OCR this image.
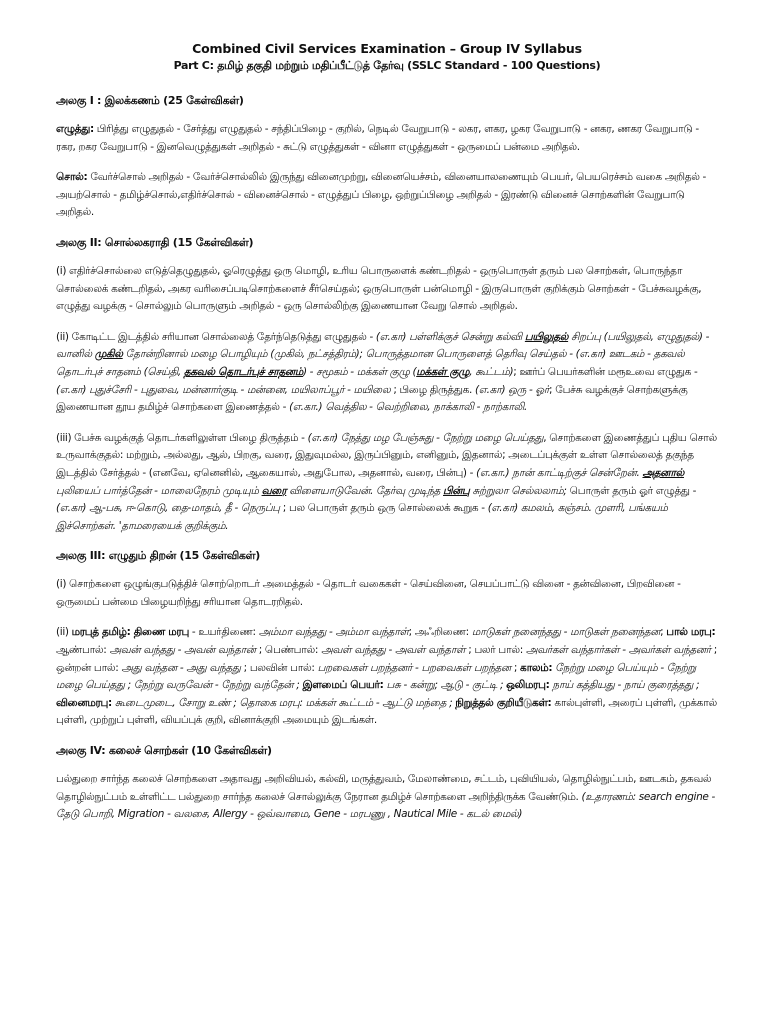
Combined Civil Services Examination – Group IV Syllabus

Part C: தமிழ் தகுதி மற்றும் மதிப்பீட்டுத் தேர்வு (SSLC Standard - 100 Questions)

அலகு I : இலக்கணம் (25 கேள்விகள்)

எழுத்து: பிரித்து எழுதுதல் - சேர்த்து எழுதுதல் - சந்திப்பிழை - குறில், நெடில் வேறுபாடு - லகர, ளகர, ழகர வேறுபாடு - னகர, ணகர வேறுபாடு - ரகர, றகர வேறுபாடு - இனவெழுத்துகள் அறிதல் - சுட்டு எழுத்துகள் - வினா எழுத்துகள் - ஒருமைப் பன்மை அறிதல்.

சொல்: வேர்ச்சொல் அறிதல் - வேர்ச்சொல்லில் இருந்து வினைமுற்று, வினையெச்சம், வினையாலணையும் பெயர், பெயரெச்சம் வகை அறிதல் - அயற்சொல் - தமிழ்ச்சொல்,எதிர்ச்சொல் - வினைச்சொல் - எழுத்துப் பிழை, ஒற்றுப்பிழை அறிதல் - இரண்டு வினைச் சொற்களின் வேறுபாடு அறிதல்.

அலகு II: சொல்லகராதி (15 கேள்விகள்)

(i) எதிர்ச்சொல்லை எடுத்தெழுதுதல், ஓரெழுத்து ஒரு மொழி, உரிய பொருளைக் கண்டறிதல் - ஒருபொருள் தரும் பல சொற்கள், பொருந்தா சொல்லைக் கண்டறிதல், அகர வரிசைப்படிசொற்களைச் சீர்செய்தல்; ஒருபொருள் பன்மொழி - இருபொருள் குறிக்கும் சொற்கள் - பேச்சுவழக்கு, எழுத்து வழக்கு - சொல்லும் பொருளும் அறிதல் - ஒரு சொல்லிற்கு இணையான வேறு சொல் அறிதல்.

(ii) கோடிட்ட இடத்தில் சரியான சொல்லைத் தேர்ந்தெடுத்து எழுதுதல் - (எ.கா) பள்ளிக்குச் சென்று கல்வி பயிலுதல் சிறப்பு (பயிலுதல், எழுதுதல்) - வானில் முகில் தோன்றினால் மழை பொழியும் (முகில், நட்சத்திரம்); பொருத்தமான பொருளைத் தெரிவு செய்தல் - (எ.கா) ஊடகம் - தகவல் தொடர்புச் சாதனம் (செய்தி, தகவல் தொடர்புச் சாதனம்) - சமூகம் - மக்கள் குழு (மக்கள் குழு, கூட்டம்); ஊர்ப் பெயர்களின் மரூஉவை எழுதுக - (எ.கா) புதுச்சேரி - புதுவை, மன்னார்குடி - மன்னை, மயிலாப்பூர் - மயிலை ; பிழை திருத்துக. (எ.கா) ஒரு - ஓர்; பேச்சு வழக்குச் சொற்களுக்கு இணையான தூய தமிழ்ச் சொற்களை இணைத்தல் - (எ.கா.) வெத்தில - வெற்றிலை, நாக்காலி - நாற்காலி.

(iii) பேச்சு வழக்குத் தொடர்களிலுள்ள பிழை திருத்தம் - (எ.கா) நேத்து மழ பேஞ்சுது - நேற்று மழை பெய்தது, சொற்களை இணைத்துப் புதிய சொல் உருவாக்குதல்: மற்றும், அல்லது, ஆல், பிறகு, வரை, இதுவுமல்ல, இருப்பினும், எனினும், இதனால்; அடைப்புக்குள் உள்ள சொல்லைத் தகுந்த இடத்தில் சேர்த்தல் - (எனவே, ஏனெனில், ஆகையால், அதுபோல, அதனால், வரை, பின்பு) - (எ.கா.) நான் காட்டிற்குச் சென்றேன். அதனால் புலியைப் பார்த்தேன் - மாலைநேரம் முடியும் வரை விளையாடுவேன். தேர்வு முடிந்த பின்பு சுற்றுலா செல்லலாம்; பொருள் தரும் ஓர் எழுத்து - (எ.கா) ஆ-பசு, ஈ-கொடு, தை-மாதம், தீ - நெருப்பு ; பல பொருள் தரும் ஒரு சொல்லைக் கூறுக - (எ.கா) கமலம், கஞ்சம். முளரி, பங்கயம் இச்சொற்கள். 'தாமரையைக் குறிக்கும்.

அலகு III: எழுதும் திறன் (15 கேள்விகள்)

(i) சொற்களை ஒழுங்குபடுத்திச் சொற்றொடர் அமைத்தல் - தொடர் வகைகள் - செய்வினை, செயப்பாட்டு வினை - தன்வினை, பிறவினை - ஒருமைப் பன்மை பிழையறிந்து சரியான தொடரறிதல்.

(ii) மரபுத் தமிழ்: திணை மரபு - உயர்திணை: அம்மா வந்தது - அம்மா வந்தாள்; அஃறிணை: மாடுகள் நனைந்தது - மாடுகள் நனைந்தன; பால் மரபு: ஆண்பால்: அவன் வந்தது - அவன் வந்தான் ; பெண்பால்: அவள் வந்தது - அவள் வந்தாள் ; பலர் பால்: அவர்கள் வந்தார்கள் - அவர்கள் வந்தனர் ; ஒன்றன் பால்: அது வந்தன - அது வந்தது ; பலவின் பால்: பறவைகள் பறந்தனர் - பறவைகள் பறந்தன ; காலம்: நேற்று மழை பெய்யும் - நேற்று மழை பெய்தது ; நேற்று வருவேன் - நேற்று வந்தேன் ; இளமைப் பெயர்: பசு - கன்று; ஆடு - குட்டி ; ஒலிமரபு: நாய் கத்தியது - நாய் குரைத்தது ; வினைமரபு: கூடைமுடை, சோறு உண் ; தொகை மரபு: மக்கள் கூட்டம் - ஆட்டு மந்தை ; நிறுத்தல் குறியீடுகள்: கால்புள்ளி, அரைப் புள்ளி, முக்கால் புள்ளி, முற்றுப் புள்ளி, வியப்புக் குறி, வினாக்குறி அமையும் இடங்கள்.

அலகு IV: கலைச் சொற்கள் (10 கேள்விகள்)

பல்துறை சார்ந்த கலைச் சொற்களை அதாவது அறிவியல், கல்வி, மருத்துவம், மேலாண்மை, சட்டம், புவியியல், தொழில்நுட்பம், ஊடகம், தகவல் தொழில்நுட்பம் உள்ளிட்ட பல்துறை சார்ந்த கலைச் சொல்லுக்கு நேரான தமிழ்ச் சொற்களை அறிந்திருக்க வேண்டும். (உதாரணம்: search engine - தேடு பொறி, Migration - வலசை, Allergy - ஒவ்வாமை, Gene - மரபணு , Nautical Mile - கடல் மைல்)
